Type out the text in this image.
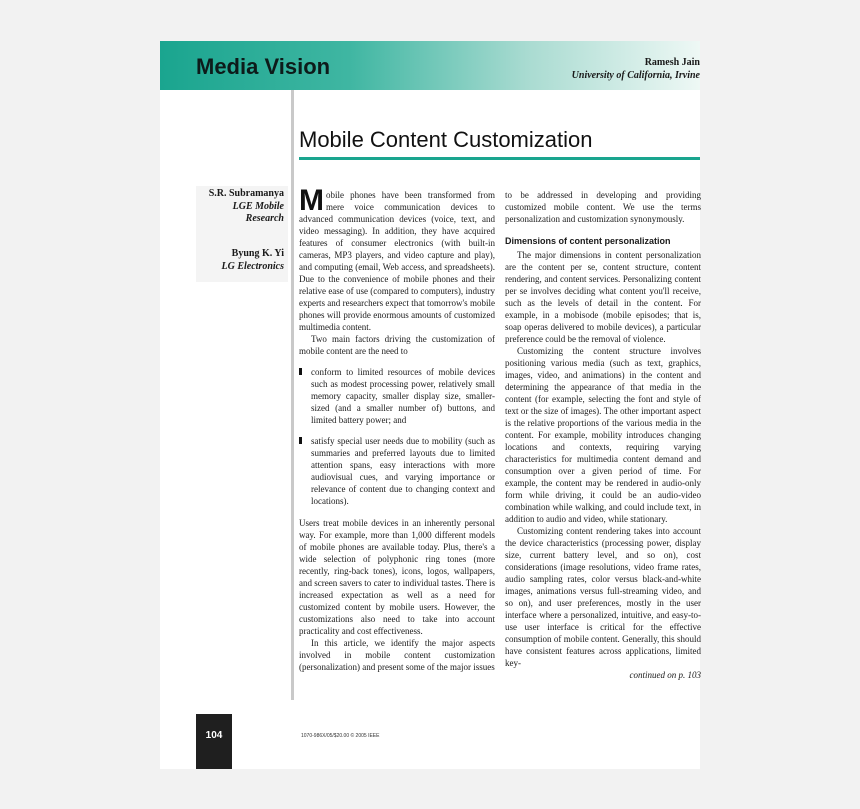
Media Vision	Ramesh Jain
University of California, Irvine
Mobile Content Customization
S.R. Subramanya
LGE Mobile
Research
Byung K. Yi
LG Electronics

Mobile phones have been transformed from mere voice communication devices to advanced communication devices (voice, text, and video messaging). In addition, they have acquired features of consumer electronics (with built-in cameras, MP3 players, and video capture and play), and computing (email, Web access, and spreadsheets). Due to the convenience of mobile phones and their relative ease of use (compared to computers), industry experts and researchers expect that tomorrow's mobile phones will provide enormous amounts of customized multimedia content.

Two main factors driving the customization of mobile content are the need to

conform to limited resources of mobile devices such as modest processing power, relatively small memory capacity, smaller display size, smaller-sized (and a smaller number of) buttons, and limited battery power; and
satisfy special user needs due to mobility (such as summaries and preferred layouts due to limited attention spans, easy interactions with more audiovisual cues, and varying importance or relevance of content due to changing context and locations).

Users treat mobile devices in an inherently personal way. For example, more than 1,000 different models of mobile phones are available today. Plus, there's a wide selection of polyphonic ring tones (more recently, ring-back tones), icons, logos, wallpapers, and screen savers to cater to individual tastes. There is increased expectation as well as a need for customized content by mobile users. However, the customizations also need to take into account practicality and cost effectiveness.

In this article, we identify the major aspects involved in mobile content customization (personalization) and present some of the major issues

to be addressed in developing and providing customized mobile content. We use the terms personalization and customization synonymously.

Dimensions of content personalization

The major dimensions in content personalization are the content per se, content structure, content rendering, and content services. Personalizing content per se involves deciding what content you'll receive, such as the levels of detail in the content. For example, in a mobisode (mobile episodes; that is, soap operas delivered to mobile devices), a particular preference could be the removal of violence.

Customizing the content structure involves positioning various media (such as text, graphics, images, video, and animations) in the content and determining the appearance of that media in the content (for example, selecting the font and style of text or the size of images). The other important aspect is the relative proportions of the various media in the content. For example, mobility introduces changing locations and contexts, requiring varying characteristics for multimedia content demand and consumption over a given period of time. For example, the content may be rendered in audio-only form while driving, it could be an audio-video combination while walking, and could include text, in addition to audio and video, while stationary.

Customizing content rendering takes into account the device characteristics (processing power, display size, current battery level, and so on), cost considerations (image resolutions, video frame rates, audio sampling rates, color versus black-and-white images, animations versus full-streaming video, and so on), and user preferences, mostly in the user interface where a personalized, intuitive, and easy-to-use user interface is critical for the effective consumption of mobile content. Generally, this should have consistent features across applications, limited key-

continued on p. 103

104	1070-986X/05/$20.00 © 2005 IEEE
